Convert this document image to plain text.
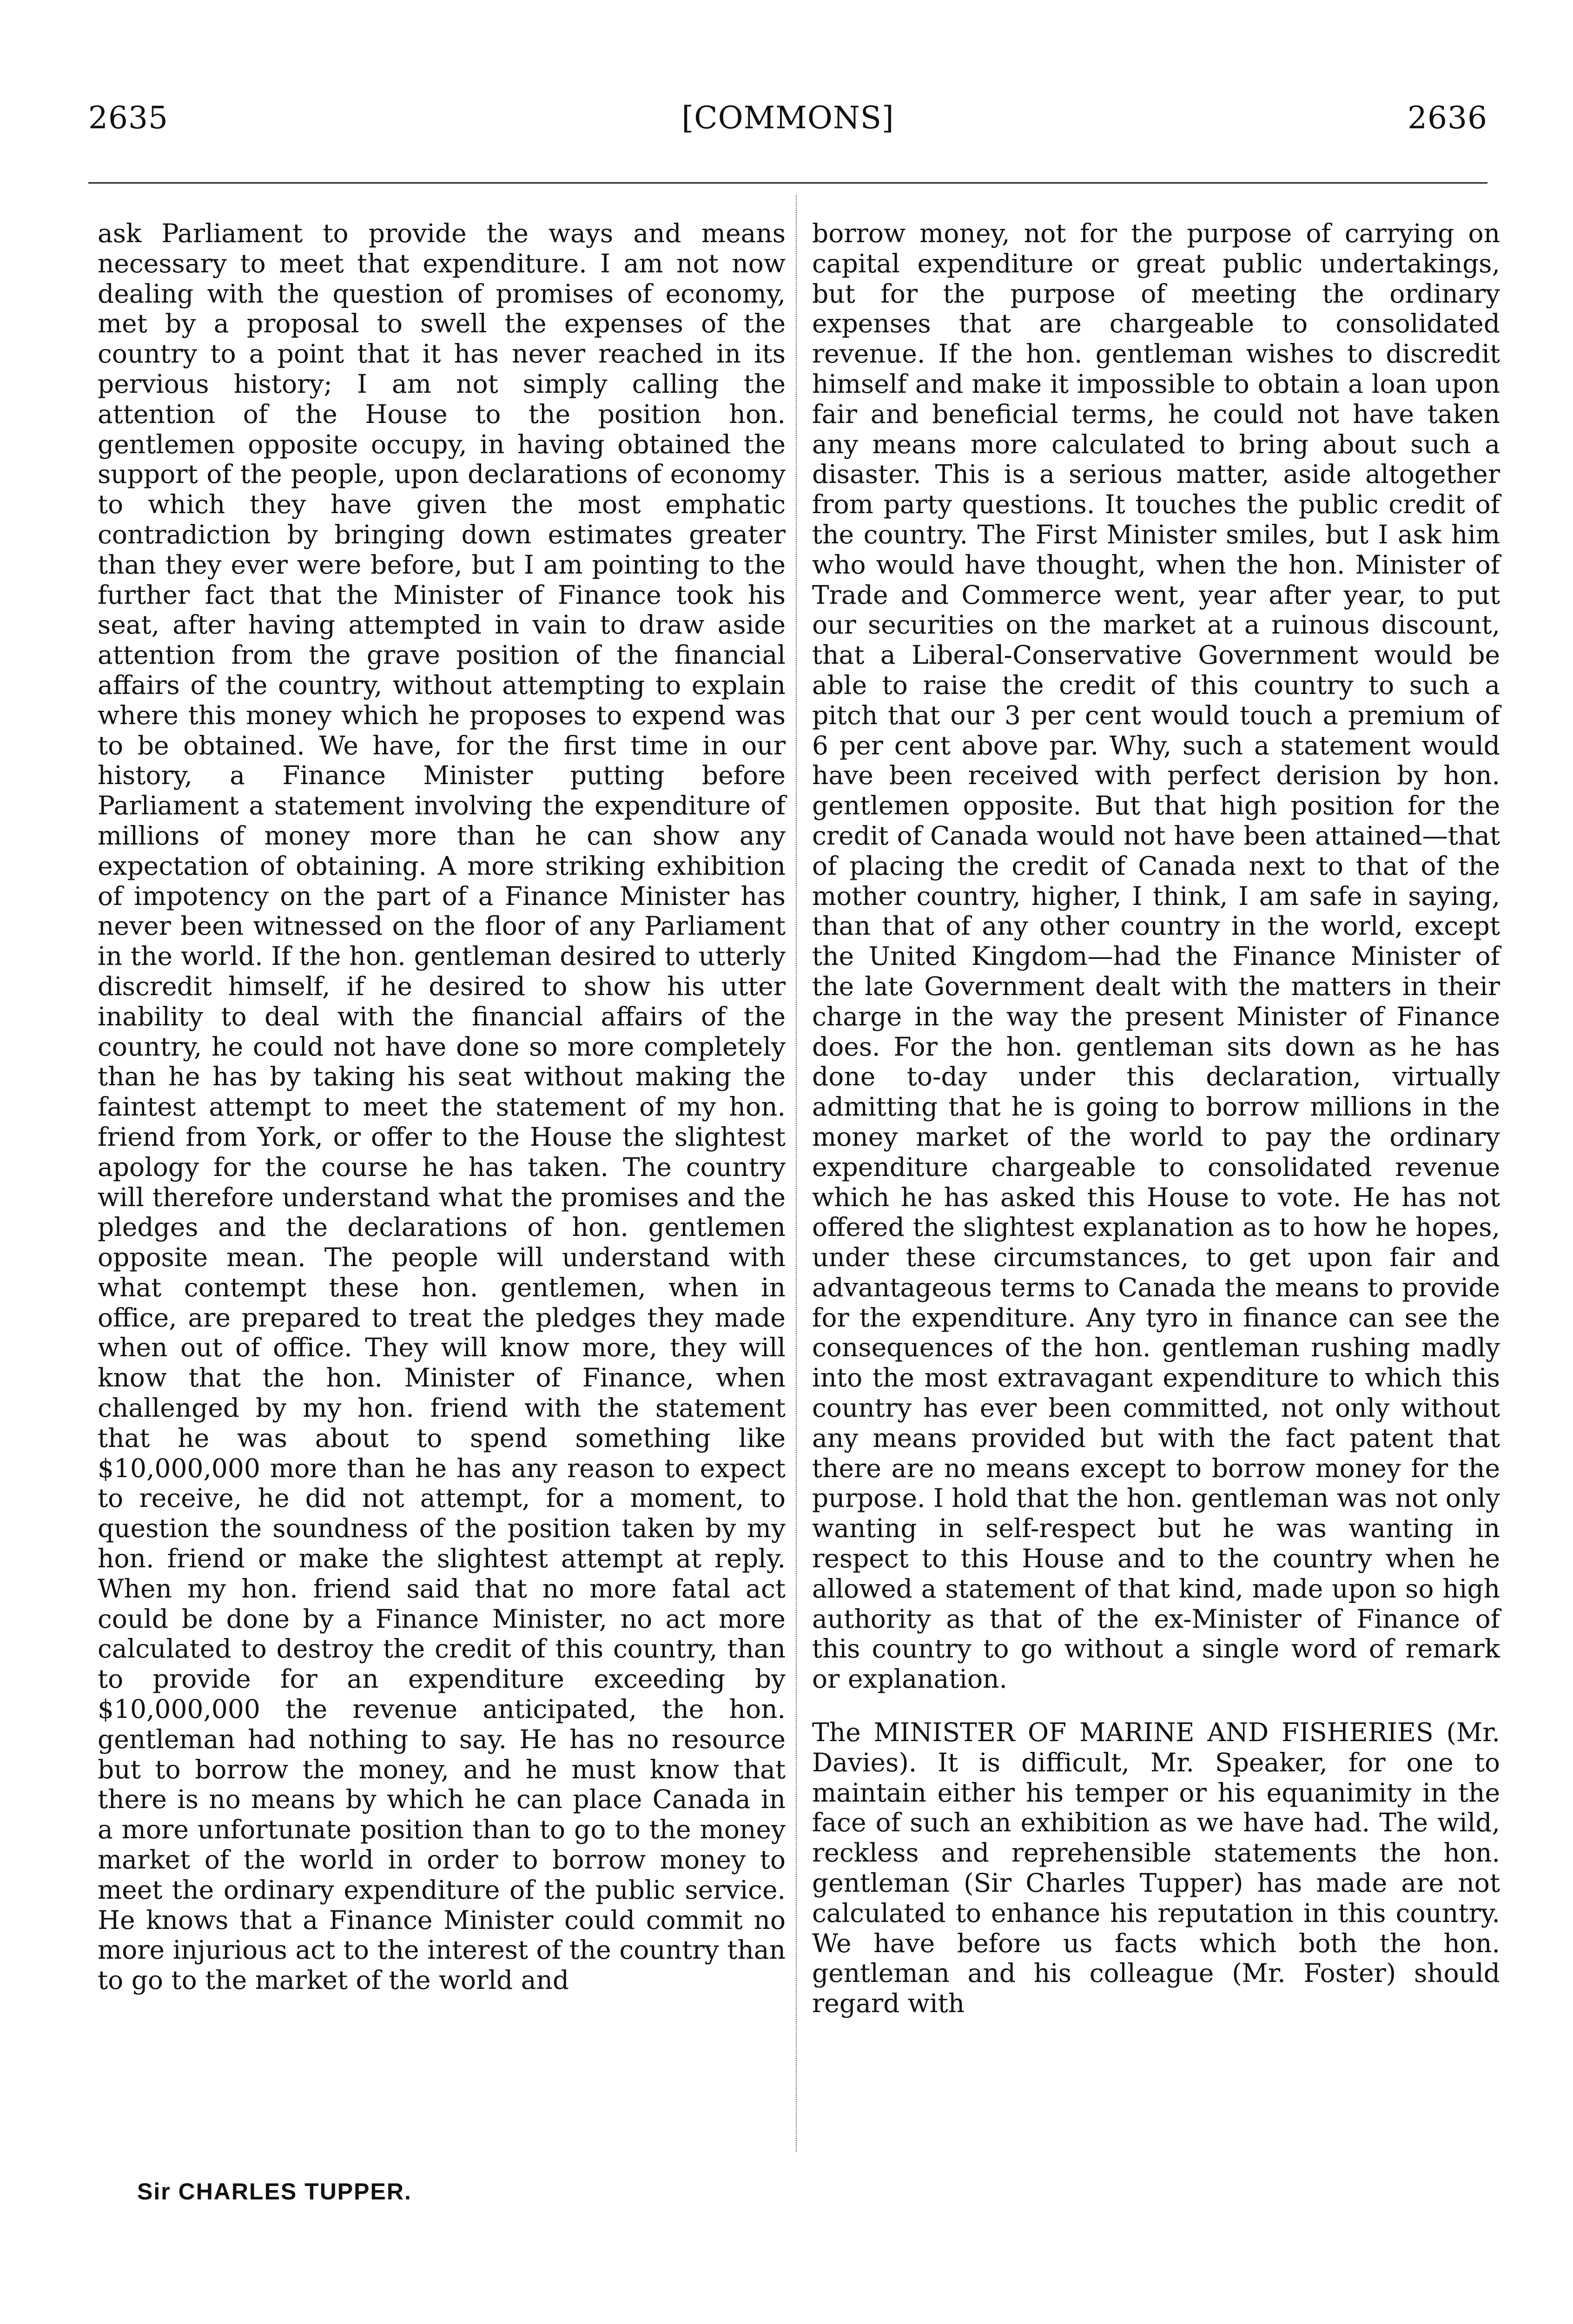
2635	[COMMONS]	2636

ask Parliament to provide the ways and means necessary to meet that expenditure. I am not now dealing with the question of promises of economy, met by a proposal to swell the expenses of the country to a point that it has never reached in its pervious history; I am not simply calling the attention of the House to the position hon. gentlemen opposite occupy, in having obtained the support of the people, upon declarations of economy to which they have given the most emphatic contradiction by bringing down estimates greater than they ever were before, but I am pointing to the further fact that the Minister of Finance took his seat, after having attempted in vain to draw aside attention from the grave position of the financial affairs of the country, without attempting to explain where this money which he proposes to expend was to be obtained. We have, for the first time in our history, a Finance Minister putting before Parliament a statement involving the expenditure of millions of money more than he can show any expectation of obtaining. A more striking exhibition of impotency on the part of a Finance Minister has never been witnessed on the floor of any Parliament in the world. If the hon. gentleman desired to utterly discredit himself, if he desired to show his utter inability to deal with the financial affairs of the country, he could not have done so more completely than he has by taking his seat without making the faintest attempt to meet the statement of my hon. friend from York, or offer to the House the slightest apology for the course he has taken. The country will therefore understand what the promises and the pledges and the declarations of hon. gentlemen opposite mean. The people will understand with what contempt these hon. gentlemen, when in office, are prepared to treat the pledges they made when out of office. They will know more, they will know that the hon. Minister of Finance, when challenged by my hon. friend with the statement that he was about to spend something like $10,000,000 more than he has any reason to expect to receive, he did not attempt, for a moment, to question the soundness of the position taken by my hon. friend or make the slightest attempt at reply. When my hon. friend said that no more fatal act could be done by a Finance Minister, no act more calculated to destroy the credit of this country, than to provide for an expenditure exceeding by $10,000,000 the revenue anticipated, the hon. gentleman had nothing to say. He has no resource but to borrow the money, and he must know that there is no means by which he can place Canada in a more unfortunate position than to go to the money market of the world in order to borrow money to meet the ordinary expenditure of the public service. He knows that a Finance Minister could commit no more injurious act to the interest of the country than to go to the market of the world and

borrow money, not for the purpose of carrying on capital expenditure or great public undertakings, but for the purpose of meeting the ordinary expenses that are chargeable to consolidated revenue. If the hon. gentleman wishes to discredit himself and make it impossible to obtain a loan upon fair and beneficial terms, he could not have taken any means more calculated to bring about such a disaster. This is a serious matter, aside altogether from party questions. It touches the public credit of the country. The First Minister smiles, but I ask him who would have thought, when the hon. Minister of Trade and Commerce went, year after year, to put our securities on the market at a ruinous discount, that a Liberal-Conservative Government would be able to raise the credit of this country to such a pitch that our 3 per cent would touch a premium of 6 per cent above par. Why, such a statement would have been received with perfect derision by hon. gentlemen opposite. But that high position for the credit of Canada would not have been attained—that of placing the credit of Canada next to that of the mother country, higher, I think, I am safe in saying, than that of any other country in the world, except the United Kingdom—had the Finance Minister of the late Government dealt with the matters in their charge in the way the present Minister of Finance does. For the hon. gentleman sits down as he has done to-day under this declaration, virtually admitting that he is going to borrow millions in the money market of the world to pay the ordinary expenditure chargeable to consolidated revenue which he has asked this House to vote. He has not offered the slightest explanation as to how he hopes, under these circumstances, to get upon fair and advantageous terms to Canada the means to provide for the expenditure. Any tyro in finance can see the consequences of the hon. gentleman rushing madly into the most extravagant expenditure to which this country has ever been committed, not only without any means provided but with the fact patent that there are no means except to borrow money for the purpose. I hold that the hon. gentleman was not only wanting in self-respect but he was wanting in respect to this House and to the country when he allowed a statement of that kind, made upon so high authority as that of the ex-Minister of Finance of this country to go without a single word of remark or explanation.

The MINISTER OF MARINE AND FISHERIES (Mr. Davies). It is difficult, Mr. Speaker, for one to maintain either his temper or his equanimity in the face of such an exhibition as we have had. The wild, reckless and reprehensible statements the hon. gentleman (Sir Charles Tupper) has made are not calculated to enhance his reputation in this country. We have before us facts which both the hon. gentleman and his colleague (Mr. Foster) should regard with

Sir CHARLES TUPPER.
